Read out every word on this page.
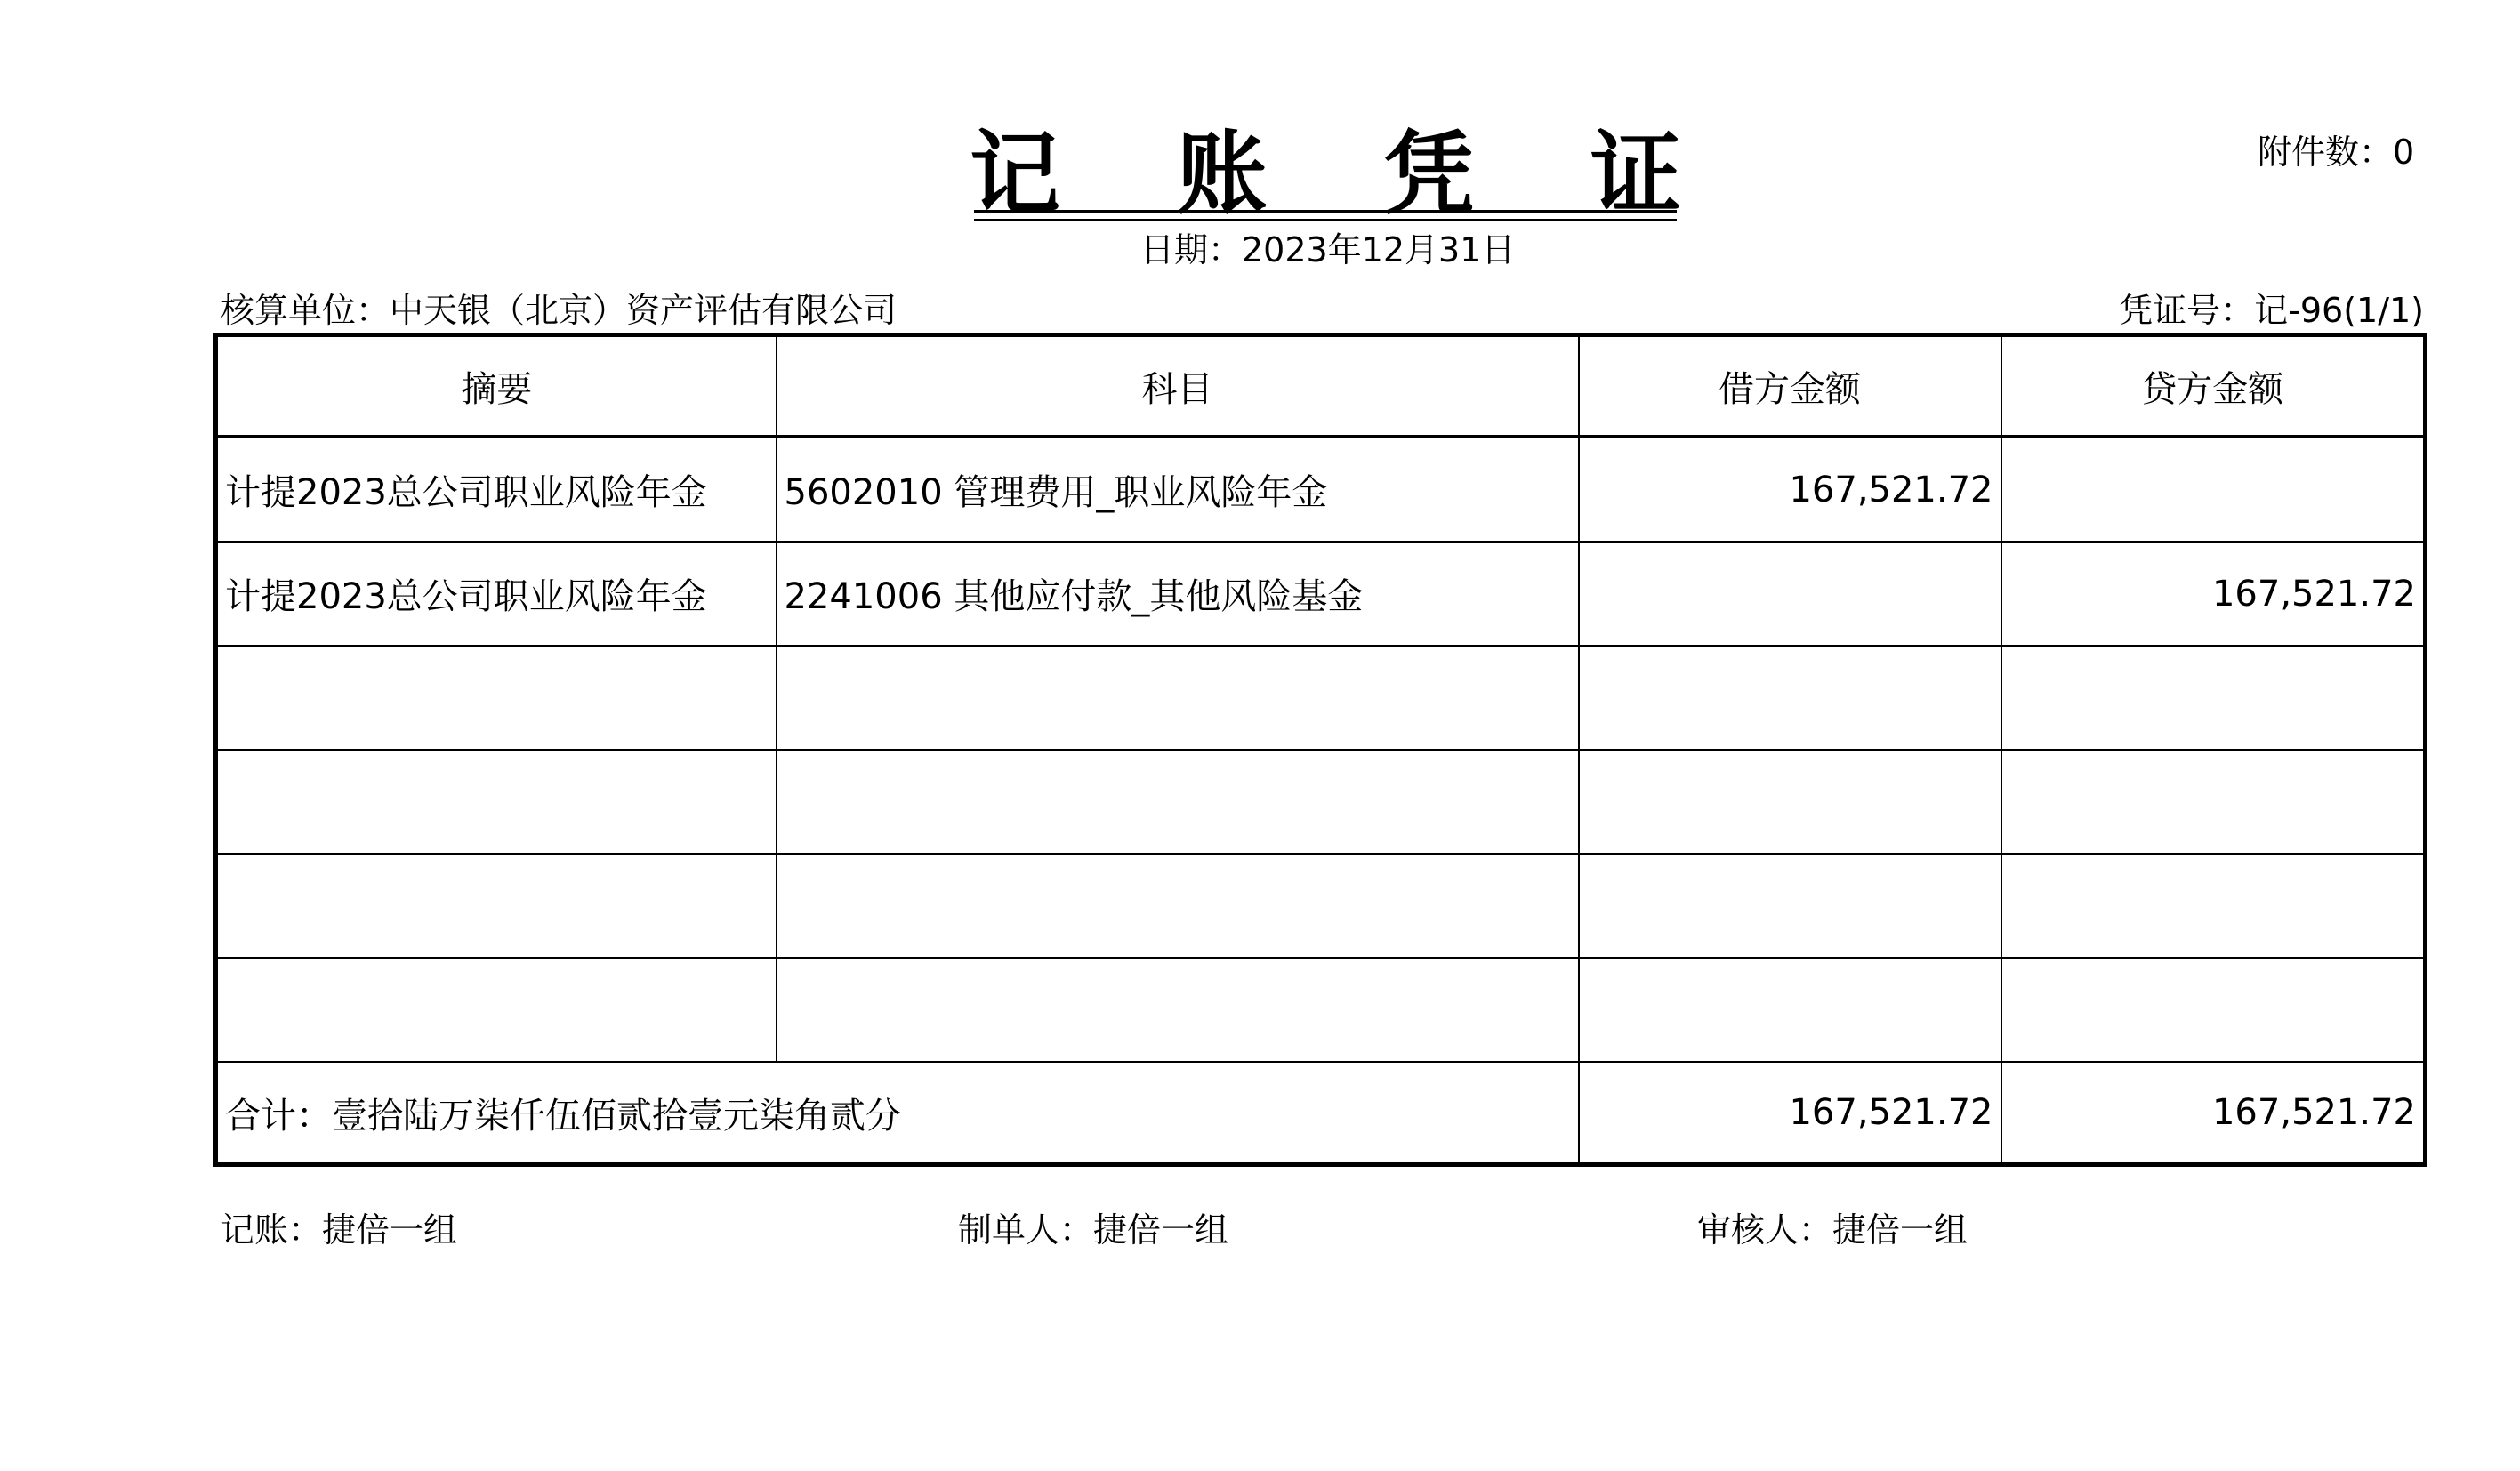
记 账 凭 证	附件数：0
日期：2023年12月31日
核算单位：中天银（北京）资产评估有限公司	凭证号：记-96(1/1)
摘要	科目	借方金额	贷方金额
计提2023总公司职业风险年金	5602010 管理费用_职业风险年金	167,521.72	
计提2023总公司职业风险年金	2241006 其他应付款_其他风险基金		167,521.72

合计：壹拾陆万柒仟伍佰贰拾壹元柒角贰分		167,521.72	167,521.72
记账：捷倍一组	制单人：捷倍一组	审核人：捷倍一组
